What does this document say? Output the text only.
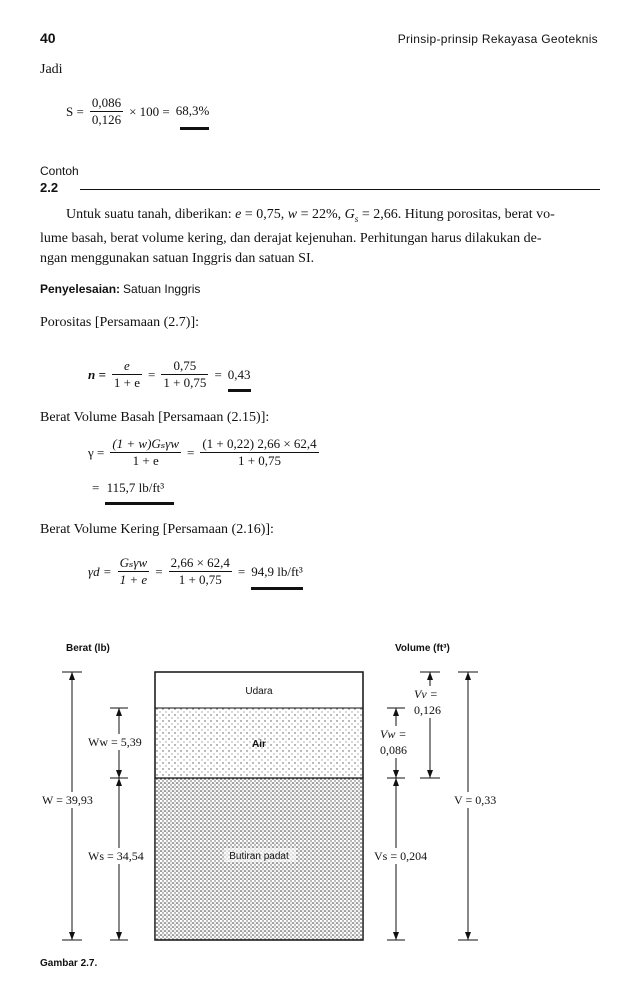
40	Prinsip-prinsip Rekayasa Geoteknis
Jadi
$S = \frac{0,086}{0,126} \times 100 = 68,3\%$
Contoh
2.2
Untuk suatu tanah, diberikan: e = 0,75, w = 22%, $G_s = 2,66$. Hitung porositas, berat vo-
lume basah, berat volume kering, dan derajat kejenuhan. Perhitungan harus dilakukan de-
ngan menggunakan satuan Inggris dan satuan SI.
Penyelesaian: Satuan Inggris
Porositas [Persamaan (2.7)]:
$n = \frac{e}{1 + e} = \frac{0,75}{1 + 0,75} = 0,43$
Berat Volume Basah [Persamaan (2.15)]:
$\gamma = \frac{\text{(1 + w)Gₛγw}}{1 + e} = \frac{(1 + 0,22) 2,66 \times 62,4}{1 + 0,75}$
= 115,7 lb/ft³
Berat Volume Kering [Persamaan (2.16)]:
$\gamma d = \frac{\text{Gₛγw}}{1 + e} = \frac{2,66 \times 62,4}{1 + 0,75} = 94,9$ lb/ft³
Berat (lb)	Volume (ft³)
Udara
Air
Butiran padat
Ww = 5,39
W = 39,93
Ws = 34,54
Vv =
0,126
Vw =
0,086
V = 0,33
Vs = 0,204
Gambar 2.7.
